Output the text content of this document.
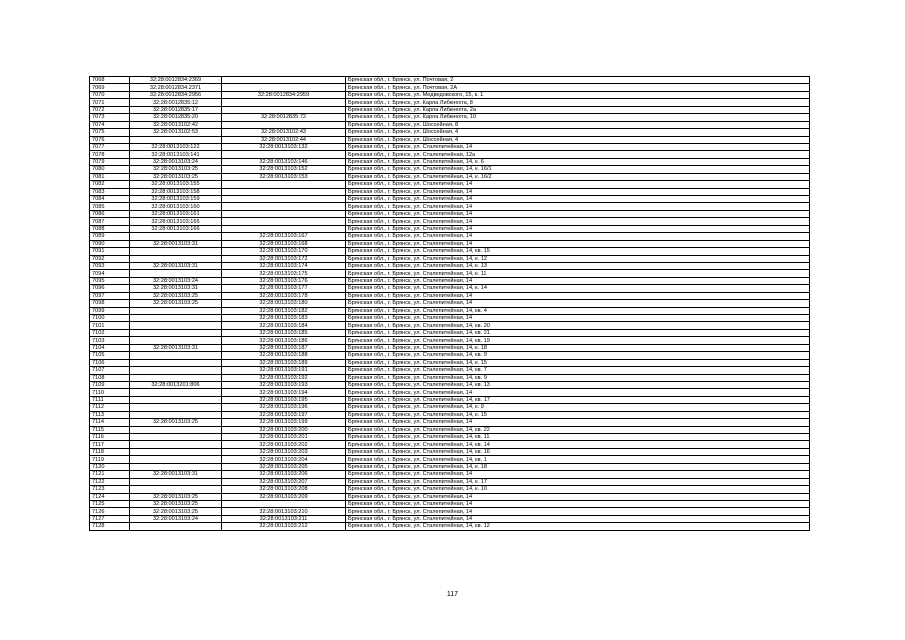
7068	32:28:0012834:2369		Брянская обл., г. Брянск, ул. Почтовая, 2
7069	32:28:0012834:2371		Брянская обл., г. Брянск, ул. Почтовая, 2А
7070	32:28:0012834:2956	32:28:0012834:2959	Брянская обл., г. Брянск, ул. Медведовского, 15, к. 1
7071	32:28:0012835:12		Брянская обл., г. Брянск, ул. Карла Либкнехта, 8
7072	32:28:0012835:17		Брянская обл., г. Брянск, ул. Карла Либкнехта, 2а
7073	32:28:0012835:20	32:28:0012835:72	Брянская обл., г. Брянск, ул. Карла Либкнехта, 10
7074	32:28:0013102:42		Брянская обл., г. Брянск, ул. Шоссейная, 8
7075	32:28:0013102:53	32:28:0013102:43	Брянская обл., г. Брянск, ул. Шоссейная, 4
7076		32:28:0013102:44	Брянская обл., г. Брянск, ул. Шоссейная, 4
7077	32:28:0013103:122	32:28:0013103:132	Брянская обл., г. Брянск, ул. Сталепитейная, 14
7078	32:28:0013103:141		Брянская обл., г. Брянск, ул. Сталепитейная, 12а
7079	32:28:0013103:24	32:28:0013103:146	Брянская обл., г. Брянск, ул. Сталепитейная, 14, к. 6
7080	32:28:0013103:25	32:28:0013103:152	Брянская обл., г. Брянск, ул. Сталепитейная, 14, к. 16/1
7081	32:28:0013103:25	32:28:0013103:153	Брянская обл., г. Брянск, ул. Сталепитейная, 14, к. 16/2
7082	32:28:0013103:155		Брянская обл., г. Брянск, ул. Сталепитейная, 14
7083	32:28:0013103:158		Брянская обл., г. Брянск, ул. Сталепитейная, 14
7084	32:28:0013103:159		Брянская обл., г. Брянск, ул. Сталепитейная, 14
7085	32:28:0013103:160		Брянская обл., г. Брянск, ул. Сталепитейная, 14
7086	32:28:0013103:161		Брянская обл., г. Брянск, ул. Сталепитейная, 14
7087	32:28:0013103:165		Брянская обл., г. Брянск, ул. Сталепитейная, 14
7088	32:28:0013103:166		Брянская обл., г. Брянск, ул. Сталепитейная, 14
7089		32:28:0013103:167	Брянская обл., г. Брянск, ул. Сталепитейная, 14
7090	32:28:0013103:31	32:28:0013103:168	Брянская обл., г. Брянск, ул. Сталепитейная, 14
7091		32:28:0013103:170	Брянская обл., г. Брянск, ул. Сталепитейная, 14, кв. 15
7092		32:28:0013103:172	Брянская обл., г. Брянск, ул. Сталепитейная, 14, к. 12
7093	32:28:0013103:31	32:28:0013103:174	Брянская обл., г. Брянск, ул. Сталепитейная, 14, к. 13
7094		32:28:0013103:175	Брянская обл., г. Брянск, ул. Сталепитейная, 14, к. 11
7095	32:28:0013103:24	32:28:0013103:176	Брянская обл., г. Брянск, ул. Сталепитейная, 14
7096	32:28:0013103:31	32:28:0013103:177	Брянская обл., г. Брянск, ул. Сталепитейная, 14, к. 14
7097	32:28:0013103:25	32:28:0013103:178	Брянская обл., г. Брянск, ул. Сталепитейная, 14
7098	32:28:0013103:25	32:28:0013103:180	Брянская обл., г. Брянск, ул. Сталепитейная, 14
7099		32:28:0013103:182	Брянская обл., г. Брянск, ул. Сталепитейная, 14, кв. 4
7100		32:28:0013103:183	Брянская обл., г. Брянск, ул. Сталепитейная, 14
7101		32:28:0013103:184	Брянская обл., г. Брянск, ул. Сталепитейная, 14, кв. 20
7102		32:28:0013103:185	Брянская обл., г. Брянск, ул. Сталепитейная, 14, кв. 21
7103		32:28:0013103:186	Брянская обл., г. Брянск, ул. Сталепитейная, 14, кв. 19
7104	32:28:0013103:31	32:28:0013103:187	Брянская обл., г. Брянск, ул. Сталепитейная, 14, к. 18
7105		32:28:0013103:188	Брянская обл., г. Брянск, ул. Сталепитейная, 14, кв. 9
7106		32:28:0013103:189	Брянская обл., г. Брянск, ул. Сталепитейная, 14, к. 15
7107		32:28:0013103:191	Брянская обл., г. Брянск, ул. Сталепитейная, 14, кв. 7
7108		32:28:0013103:192	Брянская обл., г. Брянск, ул. Сталепитейная, 14, кв. 9
7109	32:28:0013201:806	32:28:0013103:193	Брянская обл., г. Брянск, ул. Сталепитейная, 14, кв. 13
7110		32:28:0013103:194	Брянская обл., г. Брянск, ул. Сталепитейная, 14
7111		32:28:0013103:195	Брянская обл., г. Брянск, ул. Сталепитейная, 14, кв. 17
7112		32:28:0013103:196	Брянская обл., г. Брянск, ул. Сталепитейная, 14, к. 9
7113		32:28:0013103:197	Брянская обл., г. Брянск, ул. Сталепитейная, 14, к. 15
7114	32:28:0013103:25	32:28:0013103:199	Брянская обл., г. Брянск, ул. Сталепитейная, 14
7115		32:28:0013103:200	Брянская обл., г. Брянск, ул. Сталепитейная, 14, кв. 22
7116		32:28:0013103:201	Брянская обл., г. Брянск, ул. Сталепитейная, 14, кв. 11
7117		32:28:0013103:202	Брянская обл., г. Брянск, ул. Сталепитейная, 14, кв. 14
7118		32:28:0013103:203	Брянская обл., г. Брянск, ул. Сталепитейная, 14, кв. 16
7119		32:28:0013103:204	Брянская обл., г. Брянск, ул. Сталепитейная, 14, кв. 1
7120		32:28:0013103:205	Брянская обл., г. Брянск, ул. Сталепитейная, 14, к. 18
7121	32:28:0013103:31	32:28:0013103:206	Брянская обл., г. Брянск, ул. Сталепитейная, 14
7122		32:28:0013103:207	Брянская обл., г. Брянск, ул. Сталепитейная, 14, к. 17
7123		32:28:0013103:208	Брянская обл., г. Брянск, ул. Сталепитейная, 14, к. 10
7124	32:28:0013103:25	32:28:0013103:209	Брянская обл., г. Брянск, ул. Сталепитейная, 14
7125	32:28:0013103:25		Брянская обл., г. Брянск, ул. Сталепитейная, 14
7126	32:28:0013103:25	32:28:0013103:210	Брянская обл., г. Брянск, ул. Сталепитейная, 14
7127	32:28:0013103:24	32:28:0013103:211	Брянская обл., г. Брянск, ул. Сталепитейная, 14
7128		32:28:0013103:212	Брянская обл., г. Брянск, ул. Сталепитейная, 14, кв. 12
117
